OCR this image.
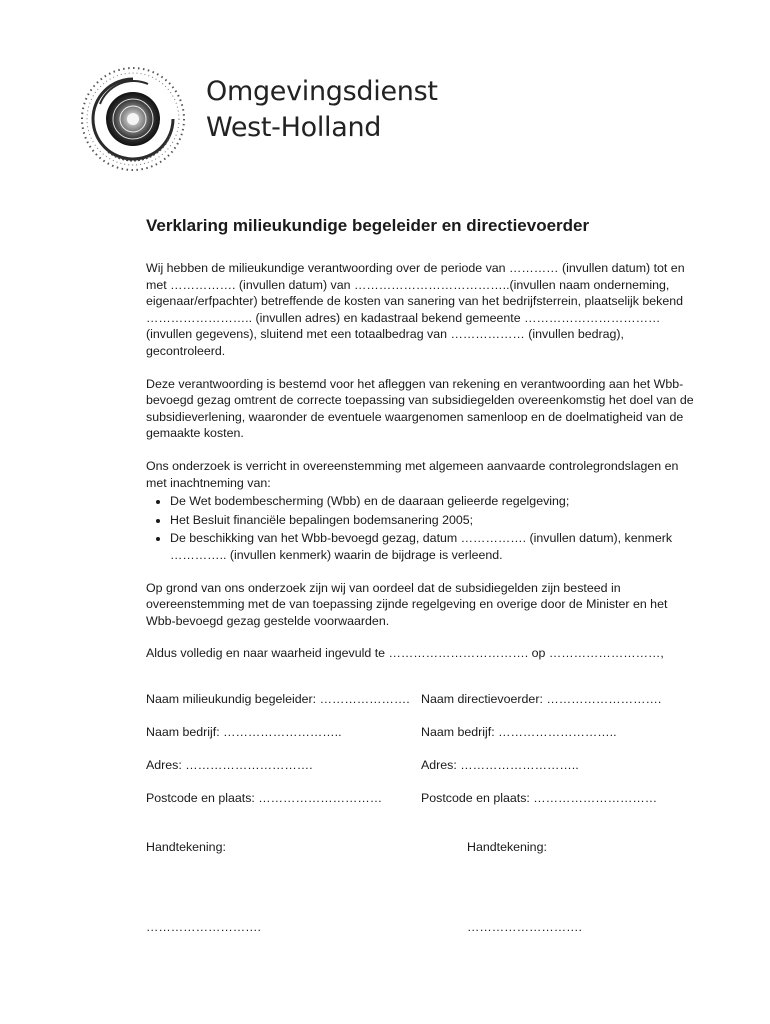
Omgevingsdienst
West-Holland
Verklaring milieukundige begeleider en directievoerder

Wij hebben de milieukundige verantwoording over de periode van ………… (invullen datum) tot en met ……………. (invullen datum) van ………………………………..(invullen naam onderneming, eigenaar/erfpachter) betreffende de kosten van sanering van het bedrijfsterrein, plaatselijk bekend …………………….. (invullen adres) en kadastraal bekend gemeente …………………………… (invullen gegevens), sluitend met een totaalbedrag van ……………… (invullen bedrag), gecontroleerd.

Deze verantwoording is bestemd voor het afleggen van rekening en verantwoording aan het Wbb-bevoegd gezag omtrent de correcte toepassing van subsidiegelden overeenkomstig het doel van de subsidieverlening, waaronder de eventuele waargenomen samenloop en de doelmatigheid van de gemaakte kosten.

Ons onderzoek is verricht in overeenstemming met algemeen aanvaarde controlegrondslagen en met inachtneming van:

• De Wet bodembescherming (Wbb) en de daaraan gelieerde regelgeving;
• Het Besluit financiële bepalingen bodemsanering 2005;
• De beschikking van het Wbb-bevoegd gezag, datum ……………. (invullen datum), kenmerk ………….. (invullen kenmerk) waarin de bijdrage is verleend.

Op grond van ons onderzoek zijn wij van oordeel dat de subsidiegelden zijn besteed in overeenstemming met de van toepassing zijnde regelgeving en overige door de Minister en het Wbb-bevoegd gezag gestelde voorwaarden.

Aldus volledig en naar waarheid ingevuld te ……………………………. op ………………………,

Naam milieukundig begeleider: …………………. Naam directievoerder: ……………………….
Naam bedrijf: ………………………..	Naam bedrijf: ………………………..
Adres: ………………………….	Adres: ………………………..
Postcode en plaats: …………………………	Postcode en plaats: …………………………
Handtekening:	Handtekening:
……………………….	……………………….
